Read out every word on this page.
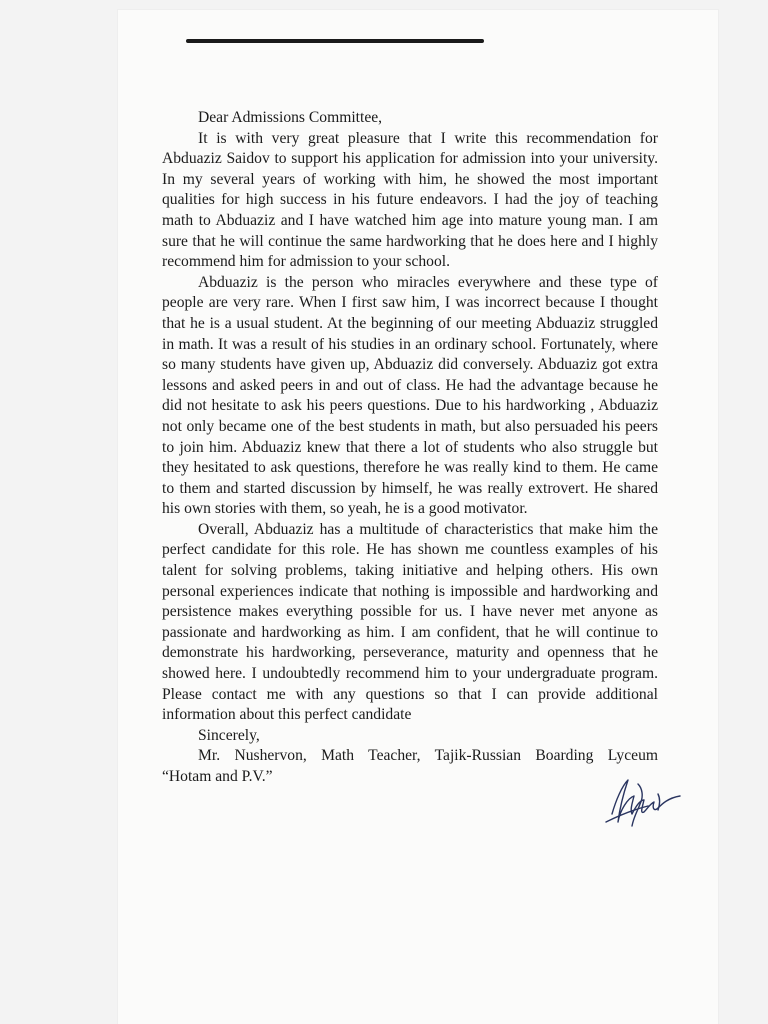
Dear Admissions Committee,

It is with very great pleasure that I write this recommendation for Abduaziz Saidov to support his application for admission into your university. In my several years of working with him, he showed the most important qualities for high success in his future endeavors. I had the joy of teaching math to Abduaziz and I have watched him age into mature young man. I am sure that he will continue the same hardworking that he does here and I highly recommend him for admission to your school.

Abduaziz is the person who miracles everywhere and these type of people are very rare. When I first saw him, I was incorrect because I thought that he is a usual student. At the beginning of our meeting Abduaziz struggled in math. It was a result of his studies in an ordinary school. Fortunately, where so many students have given up, Abduaziz did conversely. Abduaziz got extra lessons and asked peers in and out of class. He had the advantage because he did not hesitate to ask his peers questions. Due to his hardworking , Abduaziz not only became one of the best students in math, but also persuaded his peers to join him. Abduaziz knew that there a lot of students who also struggle but they hesitated to ask questions, therefore he was really kind to them. He came to them and started discussion by himself, he was really extrovert. He shared his own stories with them, so yeah, he is a good motivator.

Overall, Abduaziz has a multitude of characteristics that make him the perfect candidate for this role. He has shown me countless examples of his talent for solving problems, taking initiative and helping others. His own personal experiences indicate that nothing is impossible and hardworking and persistence makes everything possible for us. I have never met anyone as passionate and hardworking as him. I am confident, that he will continue to demonstrate his hardworking, perseverance, maturity and openness that he showed here. I undoubtedly recommend him to your undergraduate program. Please contact me with any questions so that I can provide additional information about this perfect candidate

Sincerely,

Mr. Nushervon, Math Teacher, Tajik-Russian Boarding Lyceum

“Hotam and P.V.”
